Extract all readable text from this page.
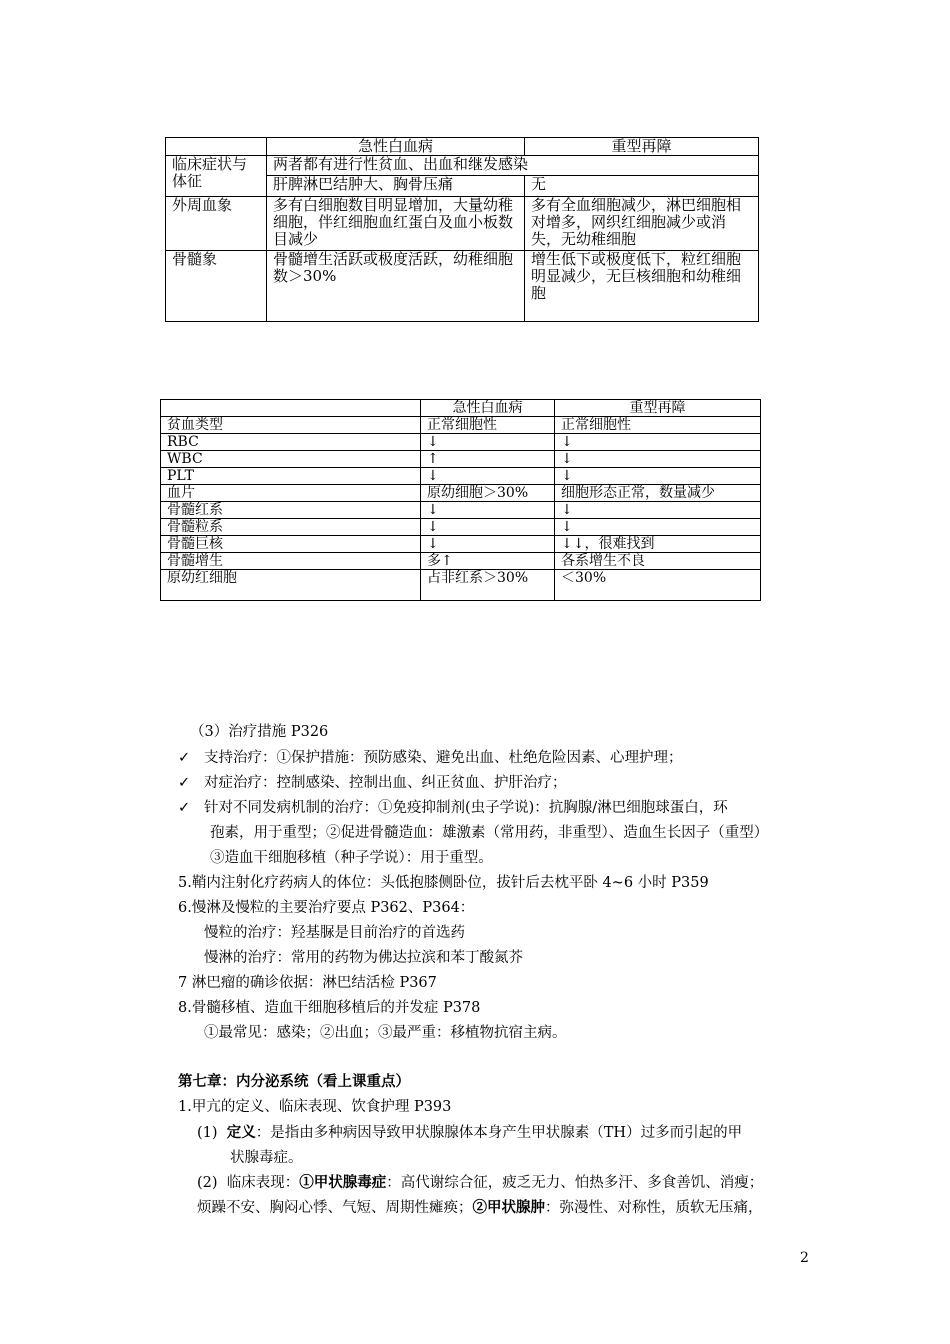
	急性白血病	重型再障
临床症状与体征	两者都有进行性贫血、出血和继发感染	
	肝脾淋巴结肿大、胸骨压痛	无
外周血象	多有白细胞数目明显增加，大量幼稚细胞，伴红细胞血红蛋白及血小板数目减少	多有全血细胞减少，淋巴细胞相对增多，网织红细胞减少或消失，无幼稚细胞
骨髓象	骨髓增生活跃或极度活跃，幼稚细胞数＞30%	增生低下或极度低下，粒红细胞明显减少，无巨核细胞和幼稚细胞
	急性白血病	重型再障
贫血类型	正常细胞性	正常细胞性
RBC	↓	↓
WBC	↑	↓
PLT	↓	↓
血片	原幼细胞＞30%	细胞形态正常，数量减少
骨髓红系	↓	↓
骨髓粒系	↓	↓
骨髓巨核	↓	↓↓，很难找到
骨髓增生	多↑	各系增生不良
原幼红细胞	占非红系＞30%	＜30%
（3）治疗措施 P326
✓ 支持治疗：①保护措施：预防感染、避免出血、杜绝危险因素、心理护理；
✓ 对症治疗：控制感染、控制出血、纠正贫血、护肝治疗；
✓ 针对不同发病机制的治疗：①免疫抑制剂(虫子学说)：抗胸腺/淋巴细胞球蛋白，环
孢素，用于重型；②促进骨髓造血：雄激素（常用药，非重型）、造血生长因子（重型）
③造血干细胞移植（种子学说）：用于重型。
5.鞘内注射化疗药病人的体位：头低抱膝侧卧位，拔针后去枕平卧 4~6 小时 P359
6.慢淋及慢粒的主要治疗要点 P362、P364：
慢粒的治疗：羟基脲是目前治疗的首选药
慢淋的治疗：常用的药物为佛达拉滨和苯丁酸氮芥
7 淋巴瘤的确诊依据：淋巴结活检 P367
8.骨髓移植、造血干细胞移植后的并发症 P378
①最常见：感染；②出血；③最严重：移植物抗宿主病。
第七章：内分泌系统（看上课重点）
1.甲亢的定义、临床表现、饮食护理 P393
(1) 定义：是指由多种病因导致甲状腺腺体本身产生甲状腺素（TH）过多而引起的甲
状腺毒症。
(2) 临床表现：①甲状腺毒症：高代谢综合征，疲乏无力、怕热多汗、多食善饥、消瘦；
烦躁不安、胸闷心悸、气短、周期性瘫痪；②甲状腺肿：弥漫性、对称性，质软无压痛，
2
